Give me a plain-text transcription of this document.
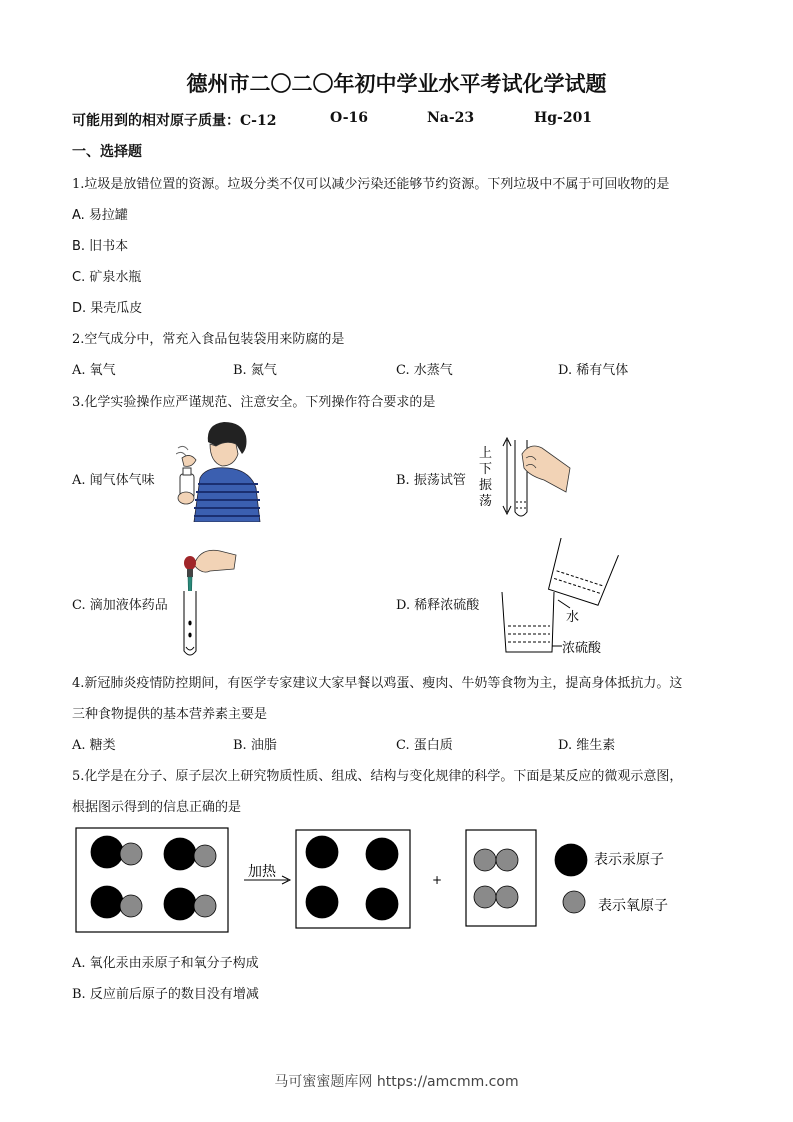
德州市二〇二〇年初中学业水平考试化学试题
可能用到的相对原子质量：C-12	O-16	Na-23	Hg-201
一、选择题
1.垃圾是放错位置的资源。垃圾分类不仅可以减少污染还能够节约资源。下列垃圾中不属于可回收物的是
A. 易拉罐
B. 旧书本
C. 矿泉水瓶
D. 果壳瓜皮
2.空气成分中，常充入食品包装袋用来防腐的是
A. 氧气	B. 氮气	C. 水蒸气	D. 稀有气体
3.化学实验操作应严谨规范、注意安全。下列操作符合要求的是
A. 闻气体气味	B. 振荡试管
C. 滴加液体药品	D. 稀释浓硫酸
上
下
振
荡
水
浓硫酸
4.新冠肺炎疫情防控期间，有医学专家建议大家早餐以鸡蛋、瘦肉、牛奶等食物为主，提高身体抵抗力。这
三种食物提供的基本营养素主要是
A. 糖类	B. 油脂	C. 蛋白质	D. 维生素
5.化学是在分子、原子层次上研究物质性质、组成、结构与变化规律的科学。下面是某反应的微观示意图，
根据图示得到的信息正确的是
加热	+
表示汞原子
表示氧原子
A. 氧化汞由汞原子和氧分子构成
B. 反应前后原子的数目没有增减
马可蜜蜜题库网 https://amcmm.com
